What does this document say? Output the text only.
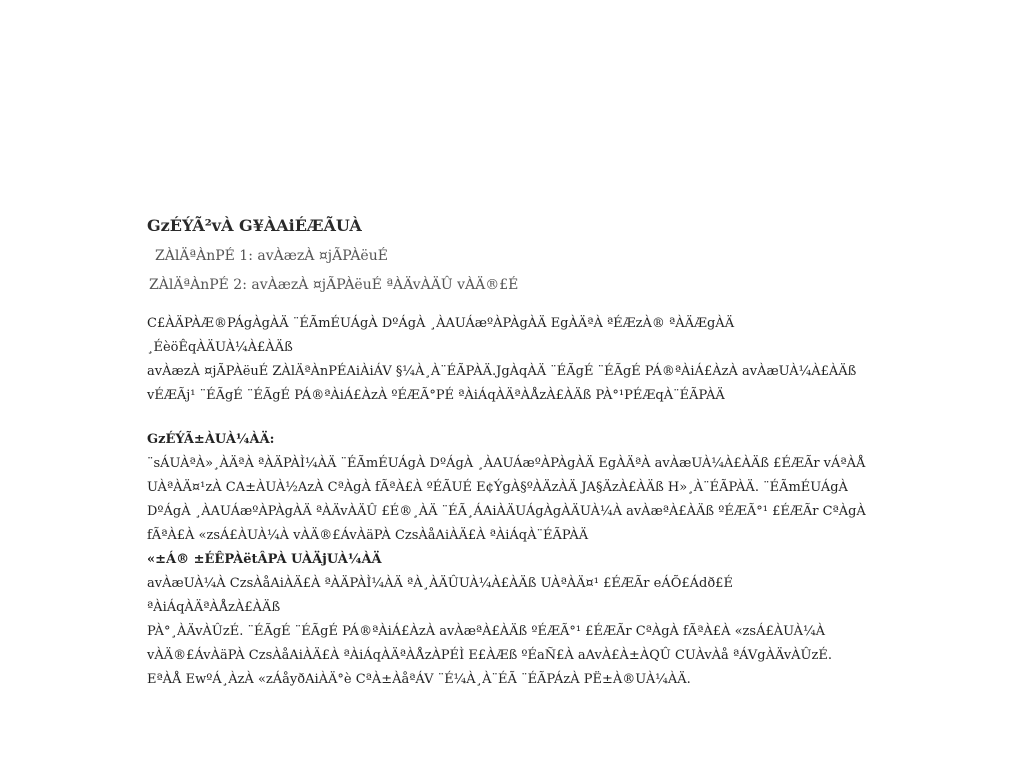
GzÉÝÃ²vÀ G¥ÀAiÉÆÃUÀ

ZÀlÄªÀnPÉ 1: avÀæzÀ ¤jÃPÀëuÉ

ZÀlÄªÀnPÉ 2: avÀæzÀ ¤jÃPÀëuÉ ªÀÄvÀÄÛ vÀÄ®£É

C£ÀÄPÀÆ®PÁgÀgÀÄ ¨ÉÃmÉUÁgÀ DºÁgÀ ¸ÀAUÁæºÀPÀgÀÄ EgÀÄªÀ ªÉÆzÀ® ªÀÄÆgÀÄ ¸ÉèöÊqÀÄUÀ¼À£ÀÄß

avÀæzÀ ¤jÃPÀëuÉ ZÀlÄªÀnPÉAiÀiÁV §¼À¸À¨ÉÃPÀÄ.JgÀqÀÄ ¨ÉÃgÉ ¨ÉÃgÉ PÁ®ªÀiÁ£ÀzÀ avÀæUÀ¼À£ÀÄß

vÉÆÃj¹ ¨ÉÃgÉ ¨ÉÃgÉ PÁ®ªÀiÁ£ÀzÀ ºÉÆÃ°PÉ ªÀiÁqÀÄªÀÅzÀ£ÀÄß PÀ°¹PÉÆqÀ¨ÉÃPÀÄ

GzÉÝÃ±ÀUÀ¼ÀÄ:

¨sÁUÀªÀ»¸ÀÄªÀ ªÀÄPÀÌ¼ÀÄ ¨ÉÃmÉUÁgÀ DºÁgÀ ¸ÀAUÁæºÀPÀgÀÄ EgÀÄªÀ avÀæUÀ¼À£ÀÄß £ÉÆÃr vÁªÀÅ

UÀªÀÄ¤¹zÀ CA±ÀUÀ½AzÀ CªÀgÀ fÃªÀ£À ºÉÃUÉ E¢ÝgÀ§ºÀÄzÀÄ JA§ÄzÀ£ÀÄß H»¸À¨ÉÃPÀÄ. ¨ÉÃmÉUÁgÀ

DºÁgÀ ¸ÀAUÁæºÀPÀgÀÄ ªÀÄvÀÄÛ £É®¸ÀÄ ¨ÉÃ¸ÁAiÀÄUÁgÀgÀÄUÀ¼À avÀæªÀ£ÀÄß ºÉÆÃ°¹ £ÉÆÃr CªÀgÀ

fÃªÀ£À «zsÁ£ÀUÀ¼À vÀÄ®£ÁvÀäPÀ CzsÀåAiÀÄ£À ªÀiÁqÀ¨ÉÃPÀÄ

«±Á® ±ÉÊPÀëtÂPÀ UÀÄjUÀ¼ÀÄ

avÀæUÀ¼À CzsÀåAiÀÄ£À ªÀÄPÀÌ¼ÀÄ ªÀ¸ÀÄÛUÀ¼À£ÀÄß UÀªÀÄ¤¹ £ÉÆÃr eÁÕ£Ádð£É ªÀiÁqÀÄªÀÅzÀ£ÀÄß

PÀ°¸ÀÄvÀÛzÉ. ¨ÉÃgÉ ¨ÉÃgÉ PÁ®ªÀiÁ£ÀzÀ avÀæªÀ£ÀÄß ºÉÆÃ°¹ £ÉÆÃr CªÀgÀ fÃªÀ£À «zsÁ£ÀUÀ¼À

vÀÄ®£ÁvÀäPÀ CzsÀåAiÀÄ£À ªÀiÁqÀÄªÀÅzÀPÉÌ E£ÀÆß ºÉaÑ£À aAvÀ£À±ÀQÛ CUÀvÀå ªÁVgÀÄvÀÛzÉ.

EªÀÅ EwºÁ¸ÀzÀ «zÁåyðAiÀÄ°è CªÀ±ÀåªÁV ¨É¼À¸À¨ÉÃ ¨ÉÃPÁzÀ PË±À®UÀ¼ÀÄ.
